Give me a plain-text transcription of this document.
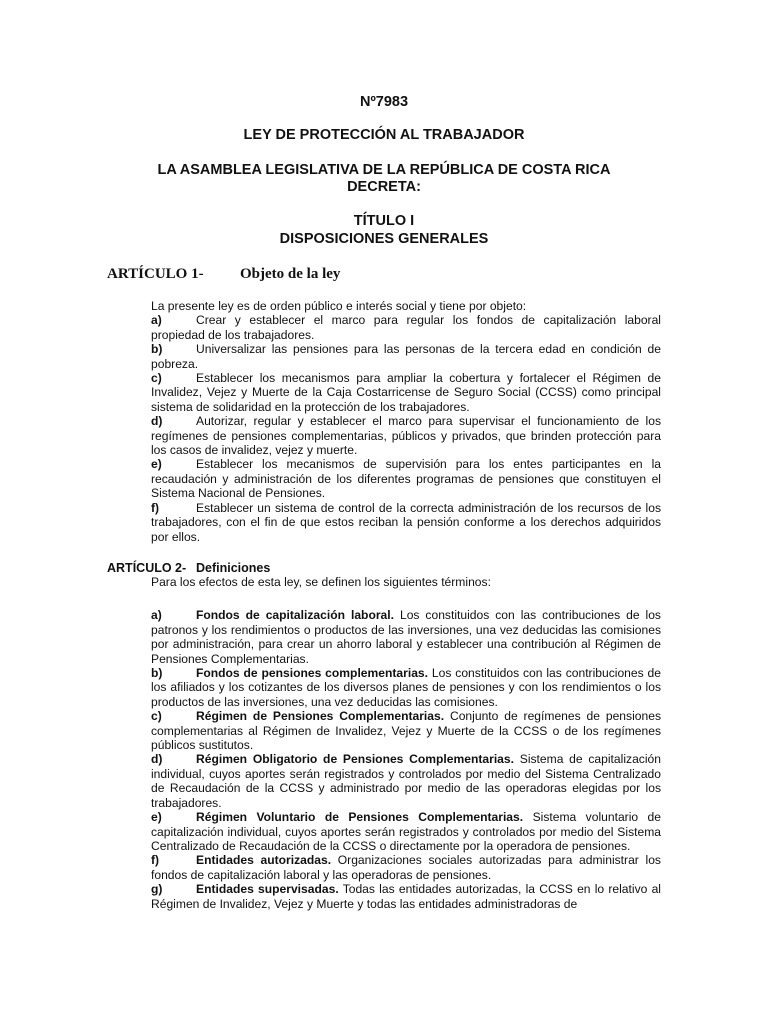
Nº7983
LEY DE PROTECCIÓN AL TRABAJADOR
LA ASAMBLEA LEGISLATIVA DE LA REPÚBLICA DE COSTA RICA
DECRETA:
TÍTULO I
DISPOSICIONES GENERALES
ARTÍCULO 1- Objeto de la ley

La presente ley es de orden público e interés social y tiene por objeto:

a)	Crear y establecer el marco para regular los fondos de capitalización laboral propiedad de los trabajadores.

b)	Universalizar las pensiones para las personas de la tercera edad en condición de pobreza.

c)	Establecer los mecanismos para ampliar la cobertura y fortalecer el Régimen de Invalidez, Vejez y Muerte de la Caja Costarricense de Seguro Social (CCSS) como principal sistema de solidaridad en la protección de los trabajadores.

d)	Autorizar, regular y establecer el marco para supervisar el funcionamiento de los regímenes de pensiones complementarias, públicos y privados, que brinden protección para los casos de invalidez, vejez y muerte.

e)	Establecer los mecanismos de supervisión para los entes participantes en la recaudación y administración de los diferentes programas de pensiones que constituyen el Sistema Nacional de Pensiones.

f)	Establecer un sistema de control de la correcta administración de los recursos de los trabajadores, con el fin de que estos reciban la pensión conforme a los derechos adquiridos por ellos.

ARTÍCULO 2- Definiciones

Para los efectos de esta ley, se definen los siguientes términos:

a)	Fondos de capitalización laboral. Los constituidos con las contribuciones de los patronos y los rendimientos o productos de las inversiones, una vez deducidas las comisiones por administración, para crear un ahorro laboral y establecer una contribución al Régimen de Pensiones Complementarias.

b)	Fondos de pensiones complementarias. Los constituidos con las contribuciones de los afiliados y los cotizantes de los diversos planes de pensiones y con los rendimientos o los productos de las inversiones, una vez deducidas las comisiones.

c)	Régimen de Pensiones Complementarias. Conjunto de regímenes de pensiones complementarias al Régimen de Invalidez, Vejez y Muerte de la CCSS o de los regímenes públicos sustitutos.

d)	Régimen Obligatorio de Pensiones Complementarias. Sistema de capitalización individual, cuyos aportes serán registrados y controlados por medio del Sistema Centralizado de Recaudación de la CCSS y administrado por medio de las operadoras elegidas por los trabajadores.

e)	Régimen Voluntario de Pensiones Complementarias. Sistema voluntario de capitalización individual, cuyos aportes serán registrados y controlados por medio del Sistema Centralizado de Recaudación de la CCSS o directamente por la operadora de pensiones.

f)	Entidades autorizadas. Organizaciones sociales autorizadas para administrar los fondos de capitalización laboral y las operadoras de pensiones.

g)	Entidades supervisadas. Todas las entidades autorizadas, la CCSS en lo relativo al Régimen de Invalidez, Vejez y Muerte y todas las entidades administradoras de
